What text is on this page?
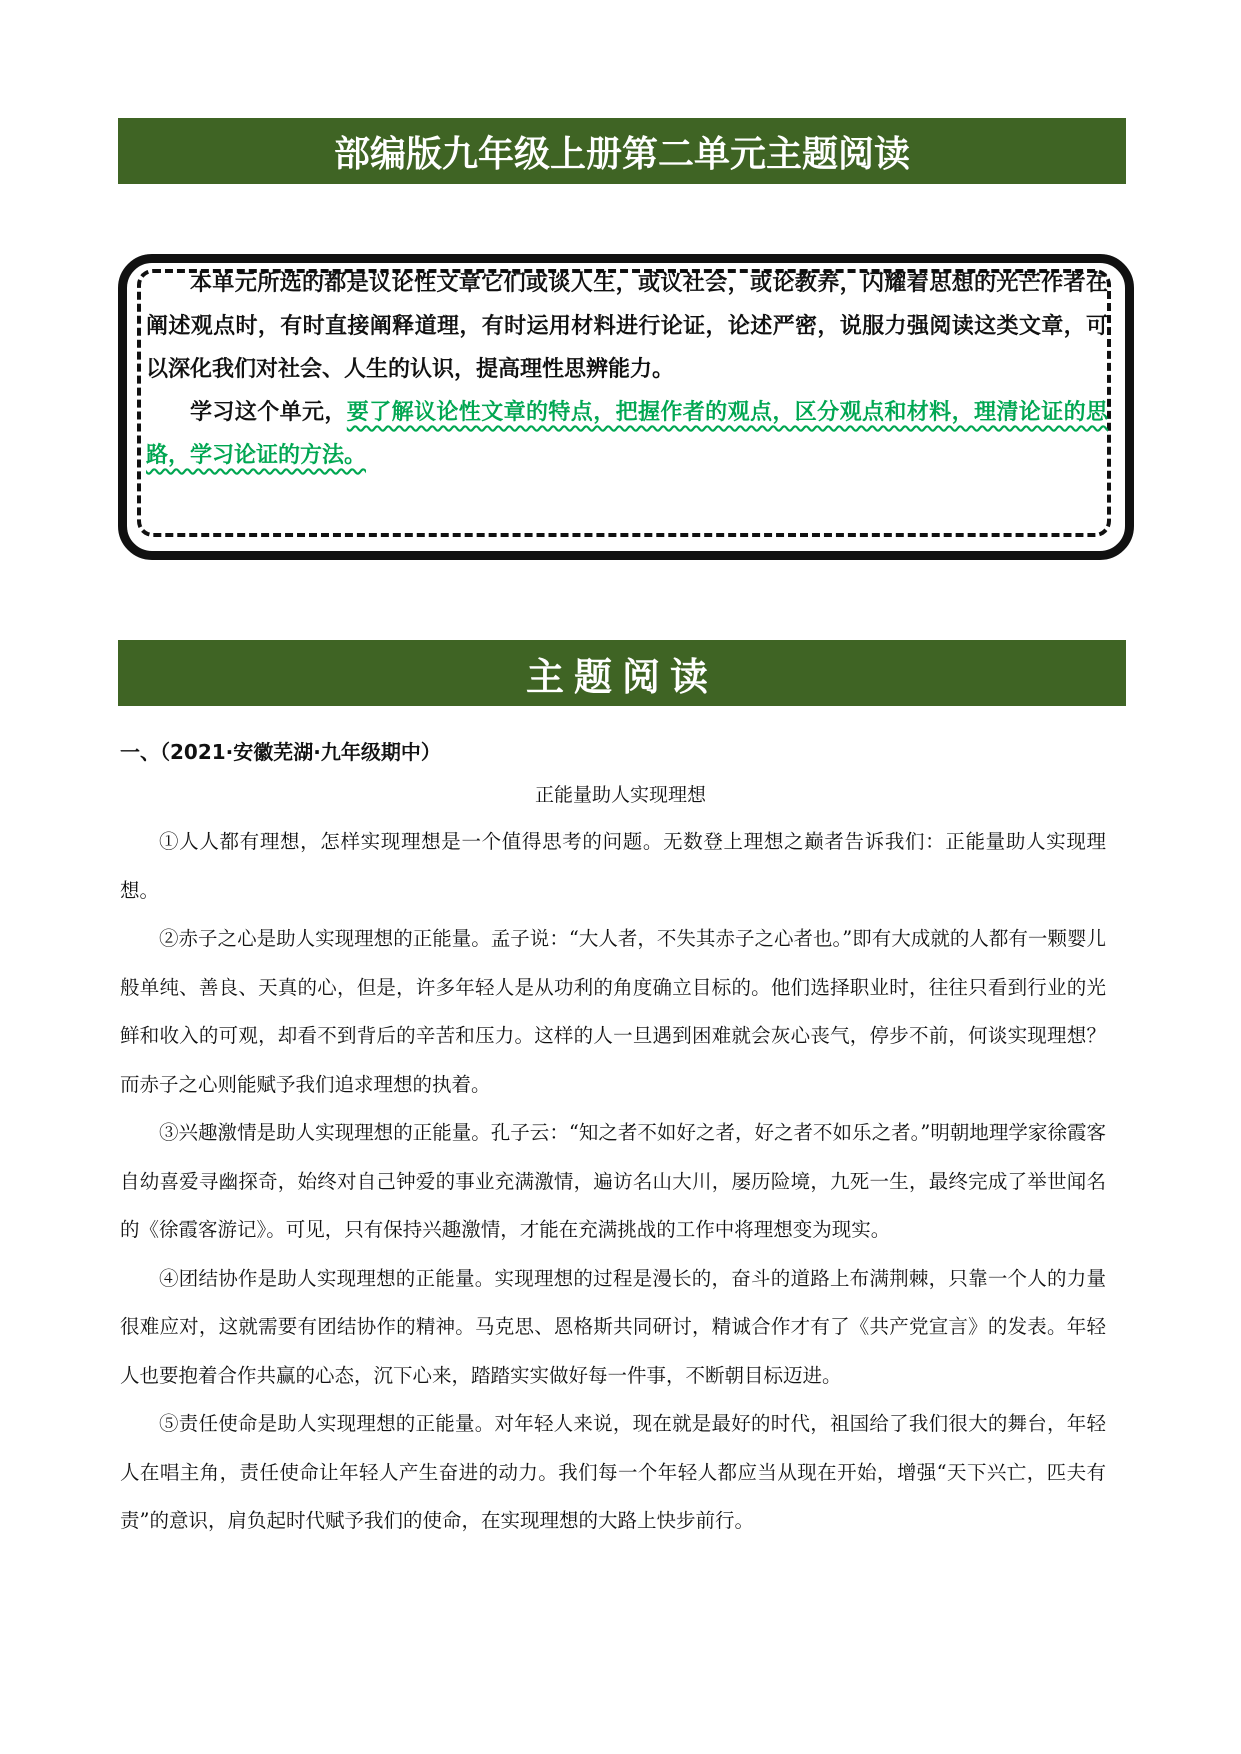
部编版九年级上册第二单元主题阅读

本单元所选的都是议论性文章它们或谈人生，或议社会，或论教养，闪耀着思想的光芒作者在阐述观点时，有时直接阐释道理，有时运用材料进行论证，论述严密，说服力强阅读这类文章，可以深化我们对社会、人生的认识，提高理性思辨能力。

学习这个单元，要了解议论性文章的特点，把握作者的观点，区分观点和材料，理清论证的思路，学习论证的方法。

主题阅读

一、（2021·安徽芜湖·九年级期中）

正能量助人实现理想

①人人都有理想，怎样实现理想是一个值得思考的问题。无数登上理想之巅者告诉我们：正能量助人实现理想。

②赤子之心是助人实现理想的正能量。孟子说：“大人者，不失其赤子之心者也。”即有大成就的人都有一颗婴儿般单纯、善良、天真的心，但是，许多年轻人是从功利的角度确立目标的。他们选择职业时，往往只看到行业的光鲜和收入的可观，却看不到背后的辛苦和压力。这样的人一旦遇到困难就会灰心丧气，停步不前，何谈实现理想？而赤子之心则能赋予我们追求理想的执着。

③兴趣激情是助人实现理想的正能量。孔子云：“知之者不如好之者，好之者不如乐之者。”明朝地理学家徐霞客自幼喜爱寻幽探奇，始终对自己钟爱的事业充满激情，遍访名山大川，屡历险境，九死一生，最终完成了举世闻名的《徐霞客游记》。可见，只有保持兴趣激情，才能在充满挑战的工作中将理想变为现实。

④团结协作是助人实现理想的正能量。实现理想的过程是漫长的，奋斗的道路上布满荆棘，只靠一个人的力量很难应对，这就需要有团结协作的精神。马克思、恩格斯共同研讨，精诚合作才有了《共产党宣言》的发表。年轻人也要抱着合作共赢的心态，沉下心来，踏踏实实做好每一件事，不断朝目标迈进。

⑤责任使命是助人实现理想的正能量。对年轻人来说，现在就是最好的时代，祖国给了我们很大的舞台，年轻人在唱主角，责任使命让年轻人产生奋进的动力。我们每一个年轻人都应当从现在开始，增强“天下兴亡，匹夫有责”的意识，肩负起时代赋予我们的使命，在实现理想的大路上快步前行。
